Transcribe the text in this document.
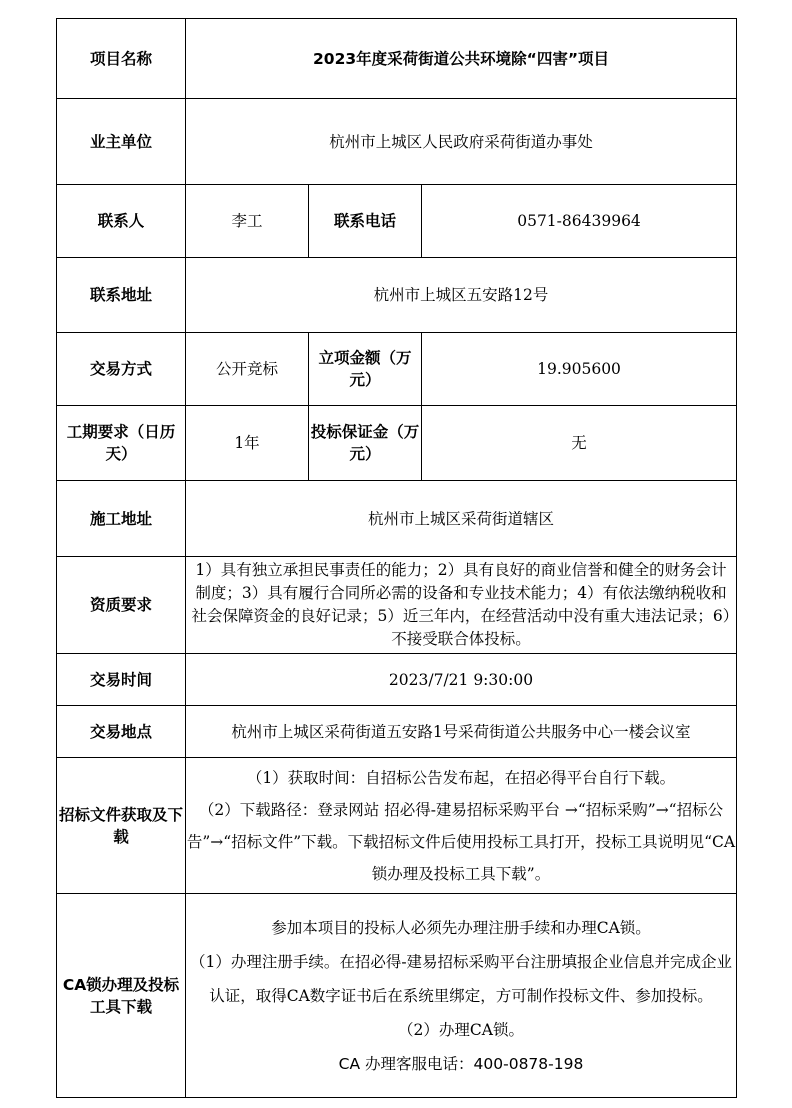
项目名称	2023年度采荷街道公共环境除“四害”项目		
业主单位	杭州市上城区人民政府采荷街道办事处		
联系人	李工	联系电话	0571-86439964
联系地址	杭州市上城区五安路12号		
交易方式	公开竞标	立项金额（万元）	19.905600
工期要求（日历天）	1年	投标保证金（万元）	无
施工地址	杭州市上城区采荷街道辖区		
资质要求	1）具有独立承担民事责任的能力；2）具有良好的商业信誉和健全的财务会计制度；3）具有履行合同所必需的设备和专业技术能力；4）有依法缴纳税收和社会保障资金的良好记录；5）近三年内，在经营活动中没有重大违法记录；6）不接受联合体投标。		

交易时间	2023/7/21 9:30:00		
交易地点	杭州市上城区采荷街道五安路1号采荷街道公共服务中心一楼会议室		
招标文件获取及下载	（1）获取时间：自招标公告发布起，在招必得平台自行下载。
（2）下载路径：登录网站 招必得-建易招标采购平台 →“招标采购”→“招标公告”→“招标文件”下载。下载招标文件后使用投标工具打开，投标工具说明见“CA锁办理及投标工具下载”。		

CA锁办理及投标工具下载	参加本项目的投标人必须先办理注册手续和办理CA锁。
（1）办理注册手续。在招必得-建易招标采购平台注册填报企业信息并完成企业认证，取得CA数字证书后在系统里绑定，方可制作投标文件、参加投标。
（2）办理CA锁。
CA 办理客服电话：400-0878-198		
